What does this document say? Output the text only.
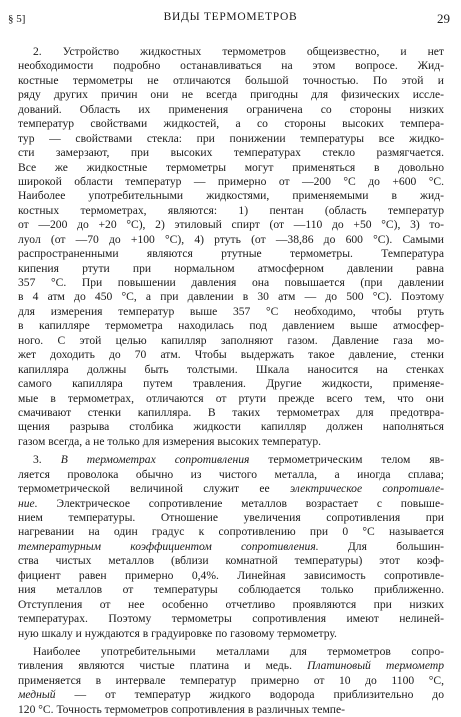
§ 5]	ВИДЫ ТЕРМОМЕТРОВ	29
2. Устройство жидкостных термометров общеизвестно, и нет
необходимости подробно останавливаться на этом вопросе. Жид-
костные термометры не отличаются большой точностью. По этой и
ряду других причин они не всегда пригодны для физических иссле-
дований. Область их применения ограничена со стороны низких
температур свойствами жидкостей, а со стороны высоких темпера-
тур — свойствами стекла: при понижении температуры все жидко-
сти замерзают, при высоких температурах стекло размягчается.
Все же жидкостные термометры могут применяться в довольно
широкой области температур — примерно от —200 °С до +600 °С.
Наиболее употребительными жидкостями, применяемыми в жид-
костных термометрах, являются: 1) пентан (область температур
от —200 до +20 °С), 2) этиловый спирт (от —110 до +50 °С), 3) то-
луол (от —70 до +100 °С), 4) ртуть (от —38,86 до 600 °С). Самыми
распространенными являются ртутные термометры. Температура
кипения ртути при нормальном атмосферном давлении равна
357 °С. При повышении давления она повышается (при давлении
в 4 атм до 450 °С, а при давлении в 30 атм — до 500 °С). Поэтому
для измерения температур выше 357 °С необходимо, чтобы ртуть
в капилляре термометра находилась под давлением выше атмосфер-
ного. С этой целью капилляр заполняют газом. Давление газа мо-
жет доходить до 70 атм. Чтобы выдержать такое давление, стенки
капилляра должны быть толстыми. Шкала наносится на стенках
самого капилляра путем травления. Другие жидкости, применяе-
мые в термометрах, отличаются от ртути прежде всего тем, что они
смачивают стенки капилляра. В таких термометрах для предотвра-
щения разрыва столбика жидкости капилляр должен наполняться
газом всегда, а не только для измерения высоких температур.
3. В термометрах сопротивления термометрическим телом яв-
ляется проволока обычно из чистого металла, а иногда сплава;
термометрической величиной служит ее электрическое сопротивле-
ние. Электрическое сопротивление металлов возрастает с повыше-
нием температуры. Отношение увеличения сопротивления при
нагревании на один градус к сопротивлению при 0 °С называется
температурным коэффициентом сопротивления. Для большин-
ства чистых металлов (вблизи комнатной температуры) этот коэф-
фициент равен примерно 0,4%. Линейная зависимость сопротивле-
ния металлов от температуры соблюдается только приближенно.
Отступления от нее особенно отчетливо проявляются при низких
температурах. Поэтому термометры сопротивления имеют нелиней-
ную шкалу и нуждаются в градуировке по газовому термометру.
Наиболее употребительными металлами для термометров сопро-
тивления являются чистые платина и медь. Платиновый термометр
применяется в интервале температур примерно от 10 до 1100 °С,
медный — от температур жидкого водорода приблизительно до
120 °С. Точность термометров сопротивления в различных темпе-
